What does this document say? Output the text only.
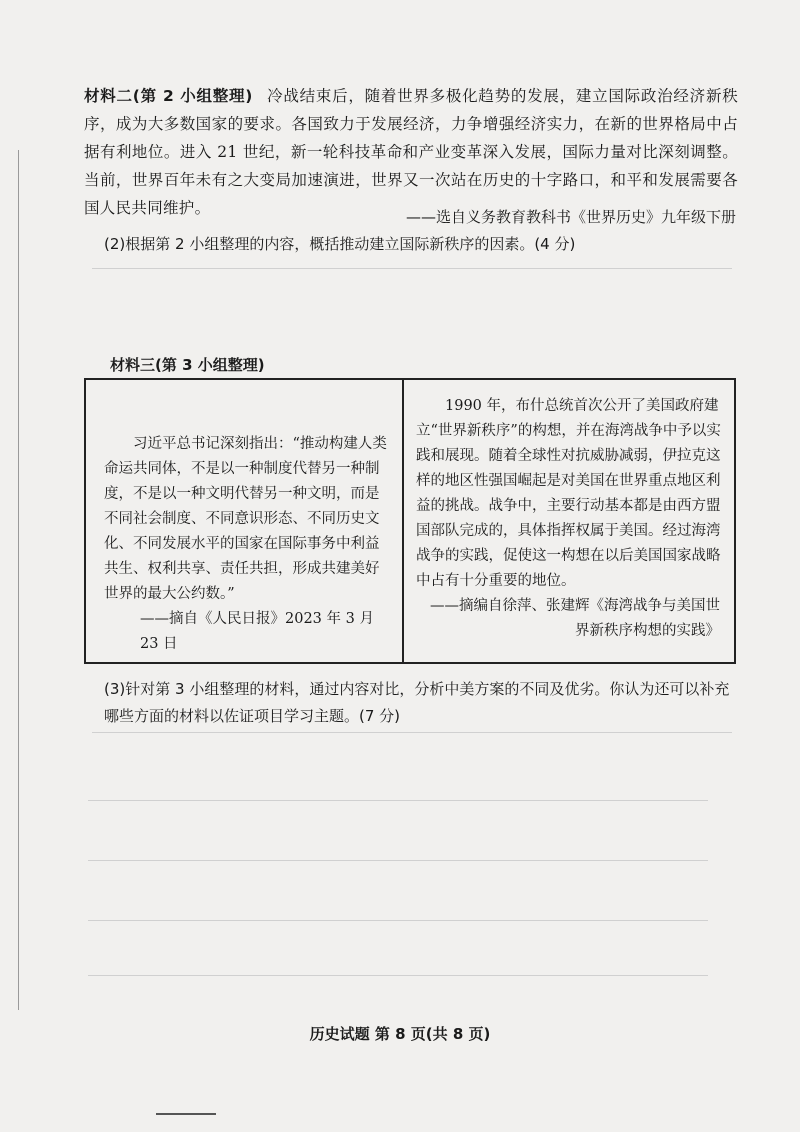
材料二(第 2 小组整理) 冷战结束后，随着世界多极化趋势的发展，建立国际政治经济新秩序，成为大多数国家的要求。各国致力于发展经济，力争增强经济实力，在新的世界格局中占据有利地位。进入 21 世纪，新一轮科技革命和产业变革深入发展，国际力量对比深刻调整。当前，世界百年未有之大变局加速演进，世界又一次站在历史的十字路口，和平和发展需要各国人民共同维护。	——选自义务教育教科书《世界历史》九年级下册
(2)根据第 2 小组整理的内容，概括推动建立国际新秩序的因素。(4 分)
材料三(第 3 小组整理)
习近平总书记深刻指出：“推动构建人类命运共同体，不是以一种制度代替另一种制度，不是以一种文明代替另一种文明，而是不同社会制度、不同意识形态、不同历史文化、不同发展水平的国家在国际事务中利益共生、权利共享、责任共担，形成共建美好世界的最大公约数。”
——摘自《人民日报》2023 年 3 月 23 日
1990 年，布什总统首次公开了美国政府建立“世界新秩序”的构想，并在海湾战争中予以实践和展现。随着全球性对抗威胁减弱，伊拉克这样的地区性强国崛起是对美国在世界重点地区利益的挑战。战争中，主要行动基本都是由西方盟国部队完成的，具体指挥权属于美国。经过海湾战争的实践，促使这一构想在以后美国国家战略中占有十分重要的地位。
——摘编自徐萍、张建辉《海湾战争与美国世界新秩序构想的实践》
(3)针对第 3 小组整理的材料，通过内容对比，分析中美方案的不同及优劣。你认为还可以补充哪些方面的材料以佐证项目学习主题。(7 分)
历史试题 第 8 页(共 8 页)
